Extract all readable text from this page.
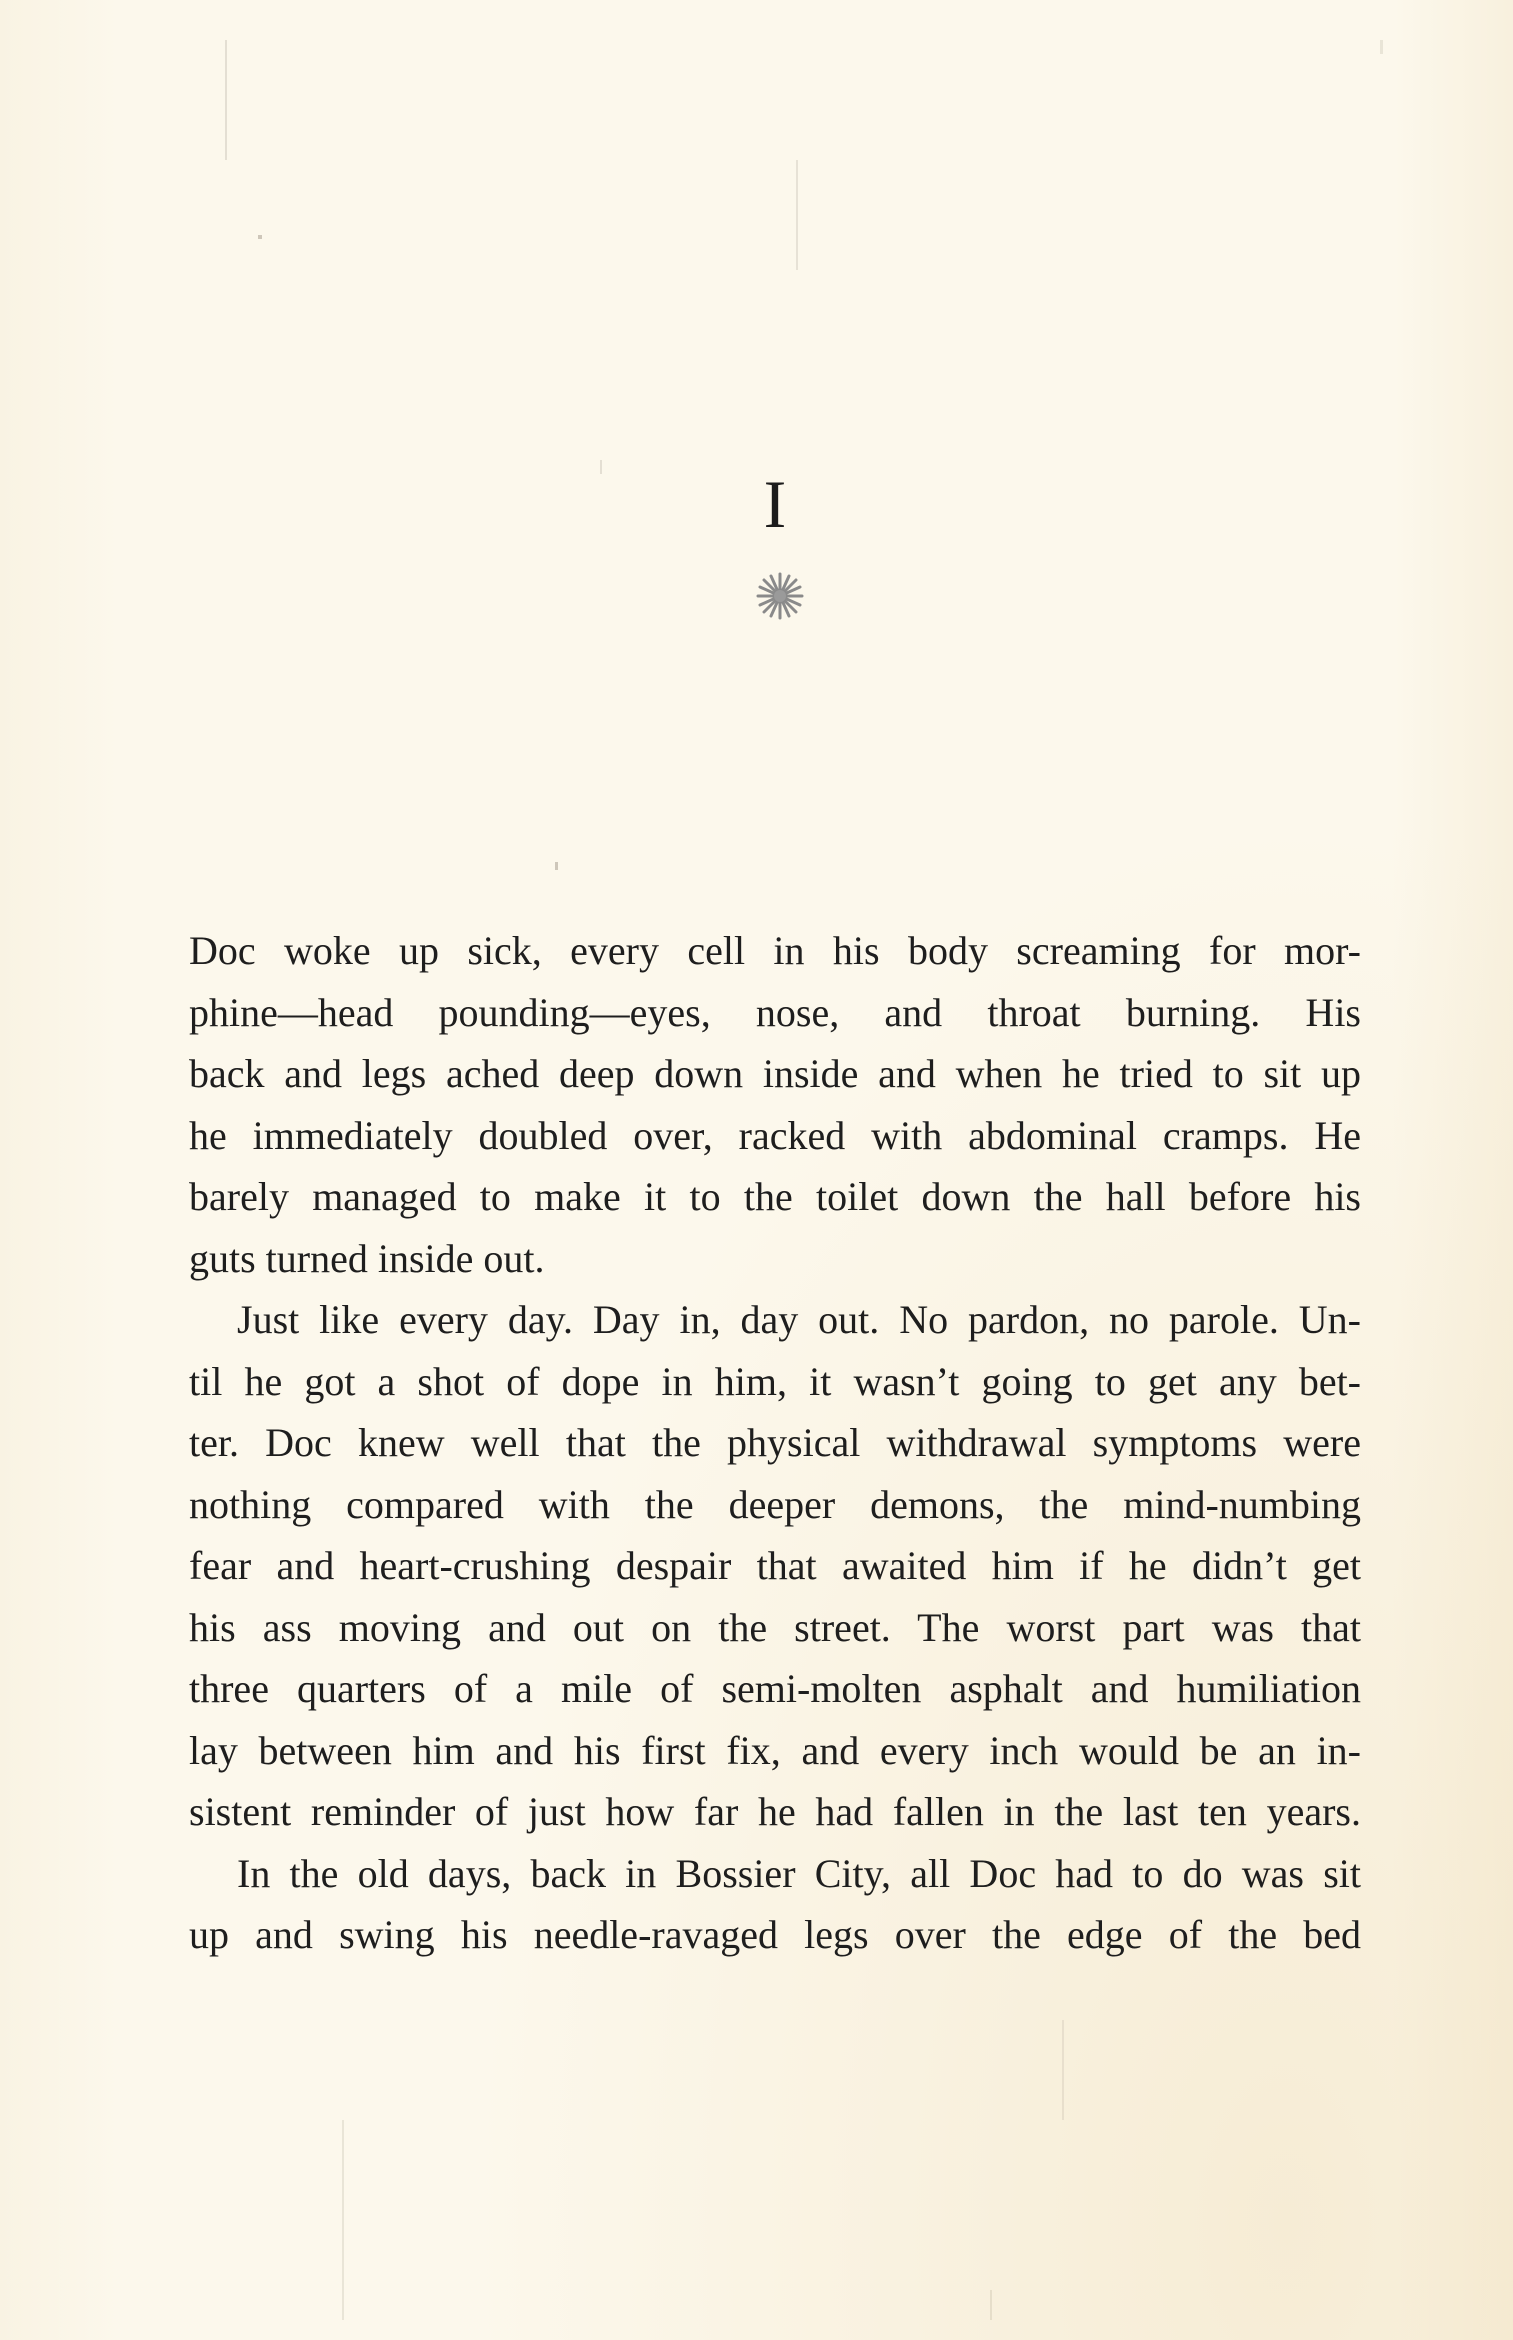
I
Doc woke up sick, every cell in his body screaming for mor-
phine—head pounding—eyes, nose, and throat burning. His
back and legs ached deep down inside and when he tried to sit up
he immediately doubled over, racked with abdominal cramps. He
barely managed to make it to the toilet down the hall before his
guts turned inside out.
Just like every day. Day in, day out. No pardon, no parole. Un-
til he got a shot of dope in him, it wasn’t going to get any bet-
ter. Doc knew well that the physical withdrawal symptoms were
nothing compared with the deeper demons, the mind-numbing
fear and heart-crushing despair that awaited him if he didn’t get
his ass moving and out on the street. The worst part was that
three quarters of a mile of semi-molten asphalt and humiliation
lay between him and his first fix, and every inch would be an in-
sistent reminder of just how far he had fallen in the last ten years.
In the old days, back in Bossier City, all Doc had to do was sit
up and swing his needle-ravaged legs over the edge of the bed
